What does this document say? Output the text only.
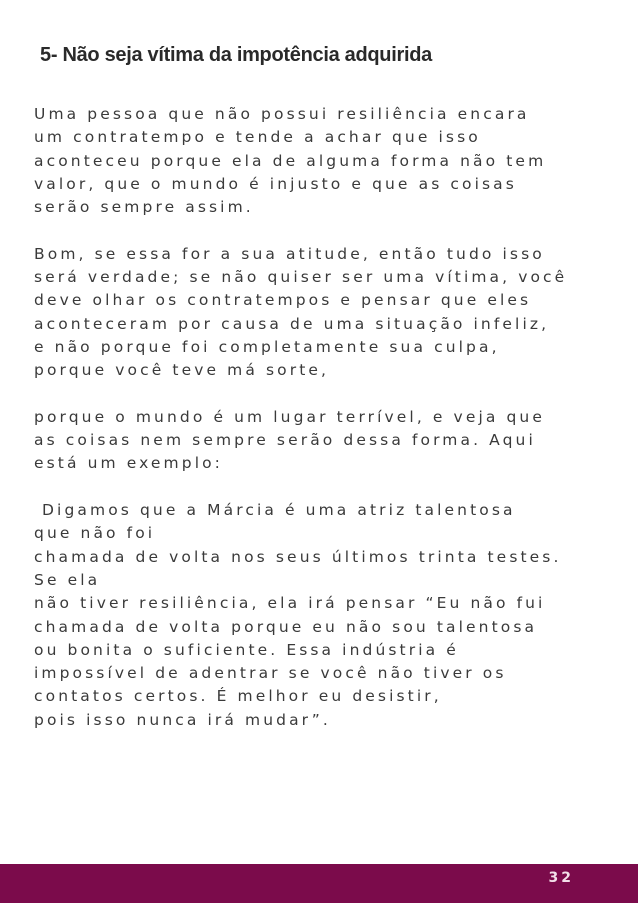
5- Não seja vítima da impotência adquirida
Uma pessoa que não possui resiliência encara
um contratempo e tende a achar que isso
aconteceu porque ela de alguma forma não tem
valor, que o mundo é injusto e que as coisas
serão sempre assim.
Bom, se essa for a sua atitude, então tudo isso
será verdade; se não quiser ser uma vítima, você
deve olhar os contratempos e pensar que eles
aconteceram por causa de uma situação infeliz,
e não porque foi completamente sua culpa,
porque você teve má sorte,
porque o mundo é um lugar terrível, e veja que
as coisas nem sempre serão dessa forma. Aqui
está um exemplo:
Digamos que a Márcia é uma atriz talentosa
que não foi
chamada de volta nos seus últimos trinta testes.
Se ela
não tiver resiliência, ela irá pensar “Eu não fui
chamada de volta porque eu não sou talentosa
ou bonita o suficiente. Essa indústria é
impossível de adentrar se você não tiver os
contatos certos. É melhor eu desistir,
pois isso nunca irá mudar”.
32
